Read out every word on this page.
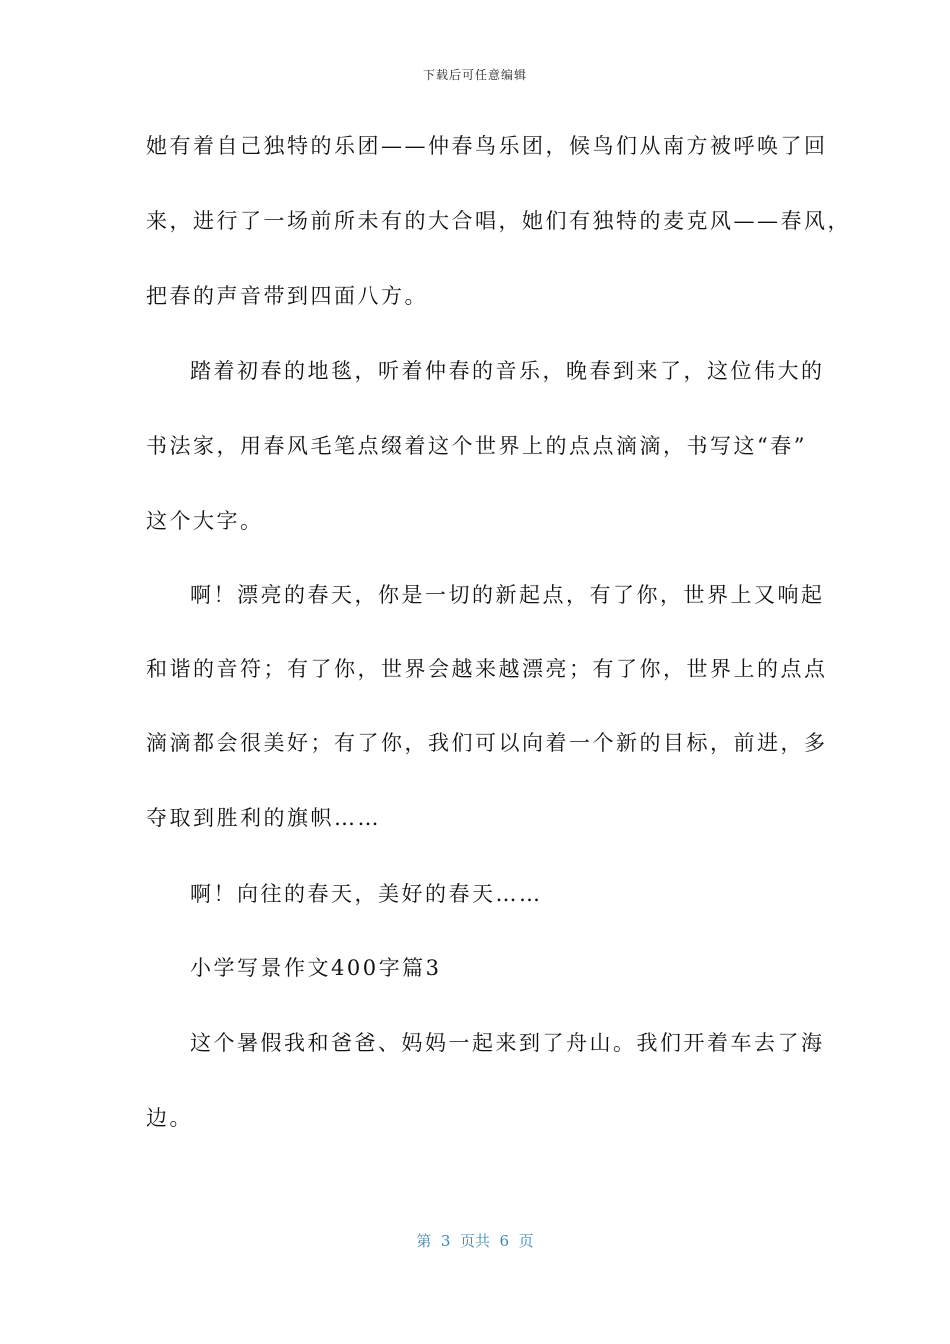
下载后可任意编辑
她有着自己独特的乐团——仲春鸟乐团，候鸟们从南方被呼唤了回
来，进行了一场前所未有的大合唱，她们有独特的麦克风——春风，
把春的声音带到四面八方。
踏着初春的地毯，听着仲春的音乐，晚春到来了，这位伟大的
书法家，用春风毛笔点缀着这个世界上的点点滴滴，书写这“春”
这个大字。
啊！漂亮的春天，你是一切的新起点，有了你，世界上又响起
和谐的音符；有了你，世界会越来越漂亮；有了你，世界上的点点
滴滴都会很美好；有了你，我们可以向着一个新的目标，前进，多
夺取到胜利的旗帜……
啊！向往的春天，美好的春天……
小学写景作文400字篇3
这个暑假我和爸爸、妈妈一起来到了舟山。我们开着车去了海
边。
第  3  页共  6  页
